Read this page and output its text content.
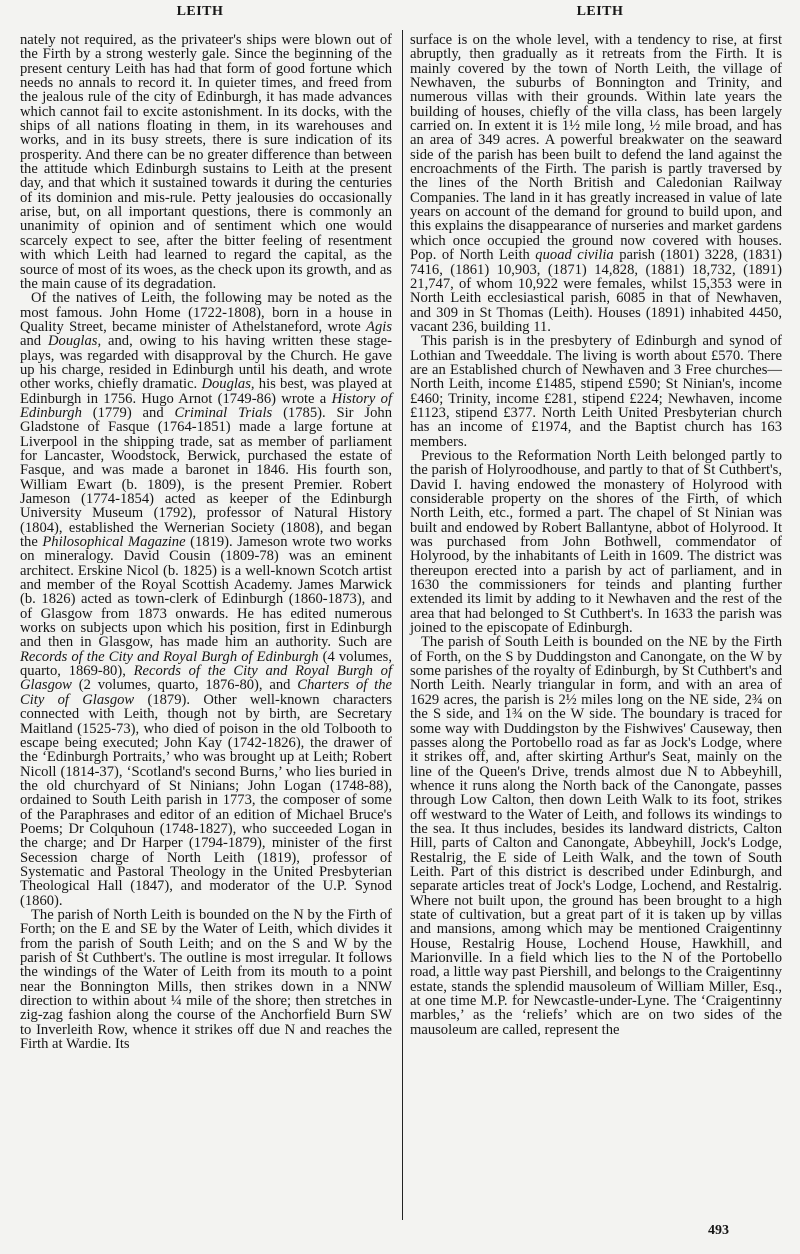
LEITH	LEITH

nately not required, as the privateer's ships were blown out of the Firth by a strong westerly gale. Since the beginning of the present century Leith has had that form of good fortune which needs no annals to record it. In quieter times, and freed from the jealous rule of the city of Edinburgh, it has made advances which cannot fail to excite astonishment. In its docks, with the ships of all nations floating in them, in its warehouses and works, and in its busy streets, there is sure indication of its prosperity. And there can be no greater difference than between the attitude which Edinburgh sustains to Leith at the present day, and that which it sustained towards it during the centuries of its dominion and mis-rule. Petty jealousies do occasionally arise, but, on all important questions, there is commonly an unanimity of opinion and of sentiment which one would scarcely expect to see, after the bitter feeling of resentment with which Leith had learned to regard the capital, as the source of most of its woes, as the check upon its growth, and as the main cause of its degradation.

Of the natives of Leith, the following may be noted as the most famous. John Home (1722-1808), born in a house in Quality Street, became minister of Athelstaneford, wrote Agis and Douglas, and, owing to his having written these stage-plays, was regarded with disapproval by the Church. He gave up his charge, resided in Edinburgh until his death, and wrote other works, chiefly dramatic. Douglas, his best, was played at Edinburgh in 1756. Hugo Arnot (1749-86) wrote a History of Edinburgh (1779) and Criminal Trials (1785). Sir John Gladstone of Fasque (1764-1851) made a large fortune at Liverpool in the shipping trade, sat as member of parliament for Lancaster, Woodstock, Berwick, purchased the estate of Fasque, and was made a baronet in 1846. His fourth son, William Ewart (b. 1809), is the present Premier. Robert Jameson (1774-1854) acted as keeper of the Edinburgh University Museum (1792), professor of Natural History (1804), established the Wernerian Society (1808), and began the Philosophical Magazine (1819). Jameson wrote two works on mineralogy. David Cousin (1809-78) was an eminent architect. Erskine Nicol (b. 1825) is a well-known Scotch artist and member of the Royal Scottish Academy. James Marwick (b. 1826) acted as town-clerk of Edinburgh (1860-1873), and of Glasgow from 1873 onwards. He has edited numerous works on subjects upon which his position, first in Edinburgh and then in Glasgow, has made him an authority. Such are Records of the City and Royal Burgh of Edinburgh (4 volumes, quarto, 1869-80), Records of the City and Royal Burgh of Glasgow (2 volumes, quarto, 1876-80), and Charters of the City of Glasgow (1879). Other well-known characters connected with Leith, though not by birth, are Secretary Maitland (1525-73), who died of poison in the old Tolbooth to escape being executed; John Kay (1742-1826), the drawer of the ‘Edinburgh Portraits,’ who was brought up at Leith; Robert Nicoll (1814-37), ‘Scotland's second Burns,’ who lies buried in the old churchyard of St Ninians; John Logan (1748-88), ordained to South Leith parish in 1773, the composer of some of the Paraphrases and editor of an edition of Michael Bruce's Poems; Dr Colquhoun (1748-1827), who succeeded Logan in the charge; and Dr Harper (1794-1879), minister of the first Secession charge of North Leith (1819), professor of Systematic and Pastoral Theology in the United Presbyterian Theological Hall (1847), and moderator of the U.P. Synod (1860).

The parish of North Leith is bounded on the N by the Firth of Forth; on the E and SE by the Water of Leith, which divides it from the parish of South Leith; and on the S and W by the parish of St Cuthbert's. The outline is most irregular. It follows the windings of the Water of Leith from its mouth to a point near the Bonnington Mills, then strikes down in a NNW direction to within about ¼ mile of the shore; then stretches in zig-zag fashion along the course of the Anchorfield Burn SW to Inverleith Row, whence it strikes off due N and reaches the Firth at Wardie. Its

surface is on the whole level, with a tendency to rise, at first abruptly, then gradually as it retreats from the Firth. It is mainly covered by the town of North Leith, the village of Newhaven, the suburbs of Bonnington and Trinity, and numerous villas with their grounds. Within late years the building of houses, chiefly of the villa class, has been largely carried on. In extent it is 1½ mile long, ½ mile broad, and has an area of 349 acres. A powerful breakwater on the seaward side of the parish has been built to defend the land against the encroachments of the Firth. The parish is partly traversed by the lines of the North British and Caledonian Railway Companies. The land in it has greatly increased in value of late years on account of the demand for ground to build upon, and this explains the disappearance of nurseries and market gardens which once occupied the ground now covered with houses. Pop. of North Leith quoad civilia parish (1801) 3228, (1831) 7416, (1861) 10,903, (1871) 14,828, (1881) 18,732, (1891) 21,747, of whom 10,922 were females, whilst 15,353 were in North Leith ecclesiastical parish, 6085 in that of Newhaven, and 309 in St Thomas (Leith). Houses (1891) inhabited 4450, vacant 236, building 11.

This parish is in the presbytery of Edinburgh and synod of Lothian and Tweeddale. The living is worth about £570. There are an Established church of Newhaven and 3 Free churches—North Leith, income £1485, stipend £590; St Ninian's, income £460; Trinity, income £281, stipend £224; Newhaven, income £1123, stipend £377. North Leith United Presbyterian church has an income of £1974, and the Baptist church has 163 members.

Previous to the Reformation North Leith belonged partly to the parish of Holyroodhouse, and partly to that of St Cuthbert's, David I. having endowed the monastery of Holyrood with considerable property on the shores of the Firth, of which North Leith, etc., formed a part. The chapel of St Ninian was built and endowed by Robert Ballantyne, abbot of Holyrood. It was purchased from John Bothwell, commendator of Holyrood, by the inhabitants of Leith in 1609. The district was thereupon erected into a parish by act of parliament, and in 1630 the commissioners for teinds and planting further extended its limit by adding to it Newhaven and the rest of the area that had belonged to St Cuthbert's. In 1633 the parish was joined to the episcopate of Edinburgh.

The parish of South Leith is bounded on the NE by the Firth of Forth, on the S by Duddingston and Canongate, on the W by some parishes of the royalty of Edinburgh, by St Cuthbert's and North Leith. Nearly triangular in form, and with an area of 1629 acres, the parish is 2½ miles long on the NE side, 2¾ on the S side, and 1¾ on the W side. The boundary is traced for some way with Duddingston by the Fishwives' Causeway, then passes along the Portobello road as far as Jock's Lodge, where it strikes off, and, after skirting Arthur's Seat, mainly on the line of the Queen's Drive, trends almost due N to Abbeyhill, whence it runs along the North back of the Canongate, passes through Low Calton, then down Leith Walk to its foot, strikes off westward to the Water of Leith, and follows its windings to the sea. It thus includes, besides its landward districts, Calton Hill, parts of Calton and Canongate, Abbeyhill, Jock's Lodge, Restalrig, the E side of Leith Walk, and the town of South Leith. Part of this district is described under Edinburgh, and separate articles treat of Jock's Lodge, Lochend, and Restalrig. Where not built upon, the ground has been brought to a high state of cultivation, but a great part of it is taken up by villas and mansions, among which may be mentioned Craigentinny House, Restalrig House, Lochend House, Hawkhill, and Marionville. In a field which lies to the N of the Portobello road, a little way past Piershill, and belongs to the Craigentinny estate, stands the splendid mausoleum of William Miller, Esq., at one time M.P. for Newcastle-under-Lyne. The ‘Craigentinny marbles,’ as the ‘reliefs’ which are on two sides of the mausoleum are called, represent the

493
